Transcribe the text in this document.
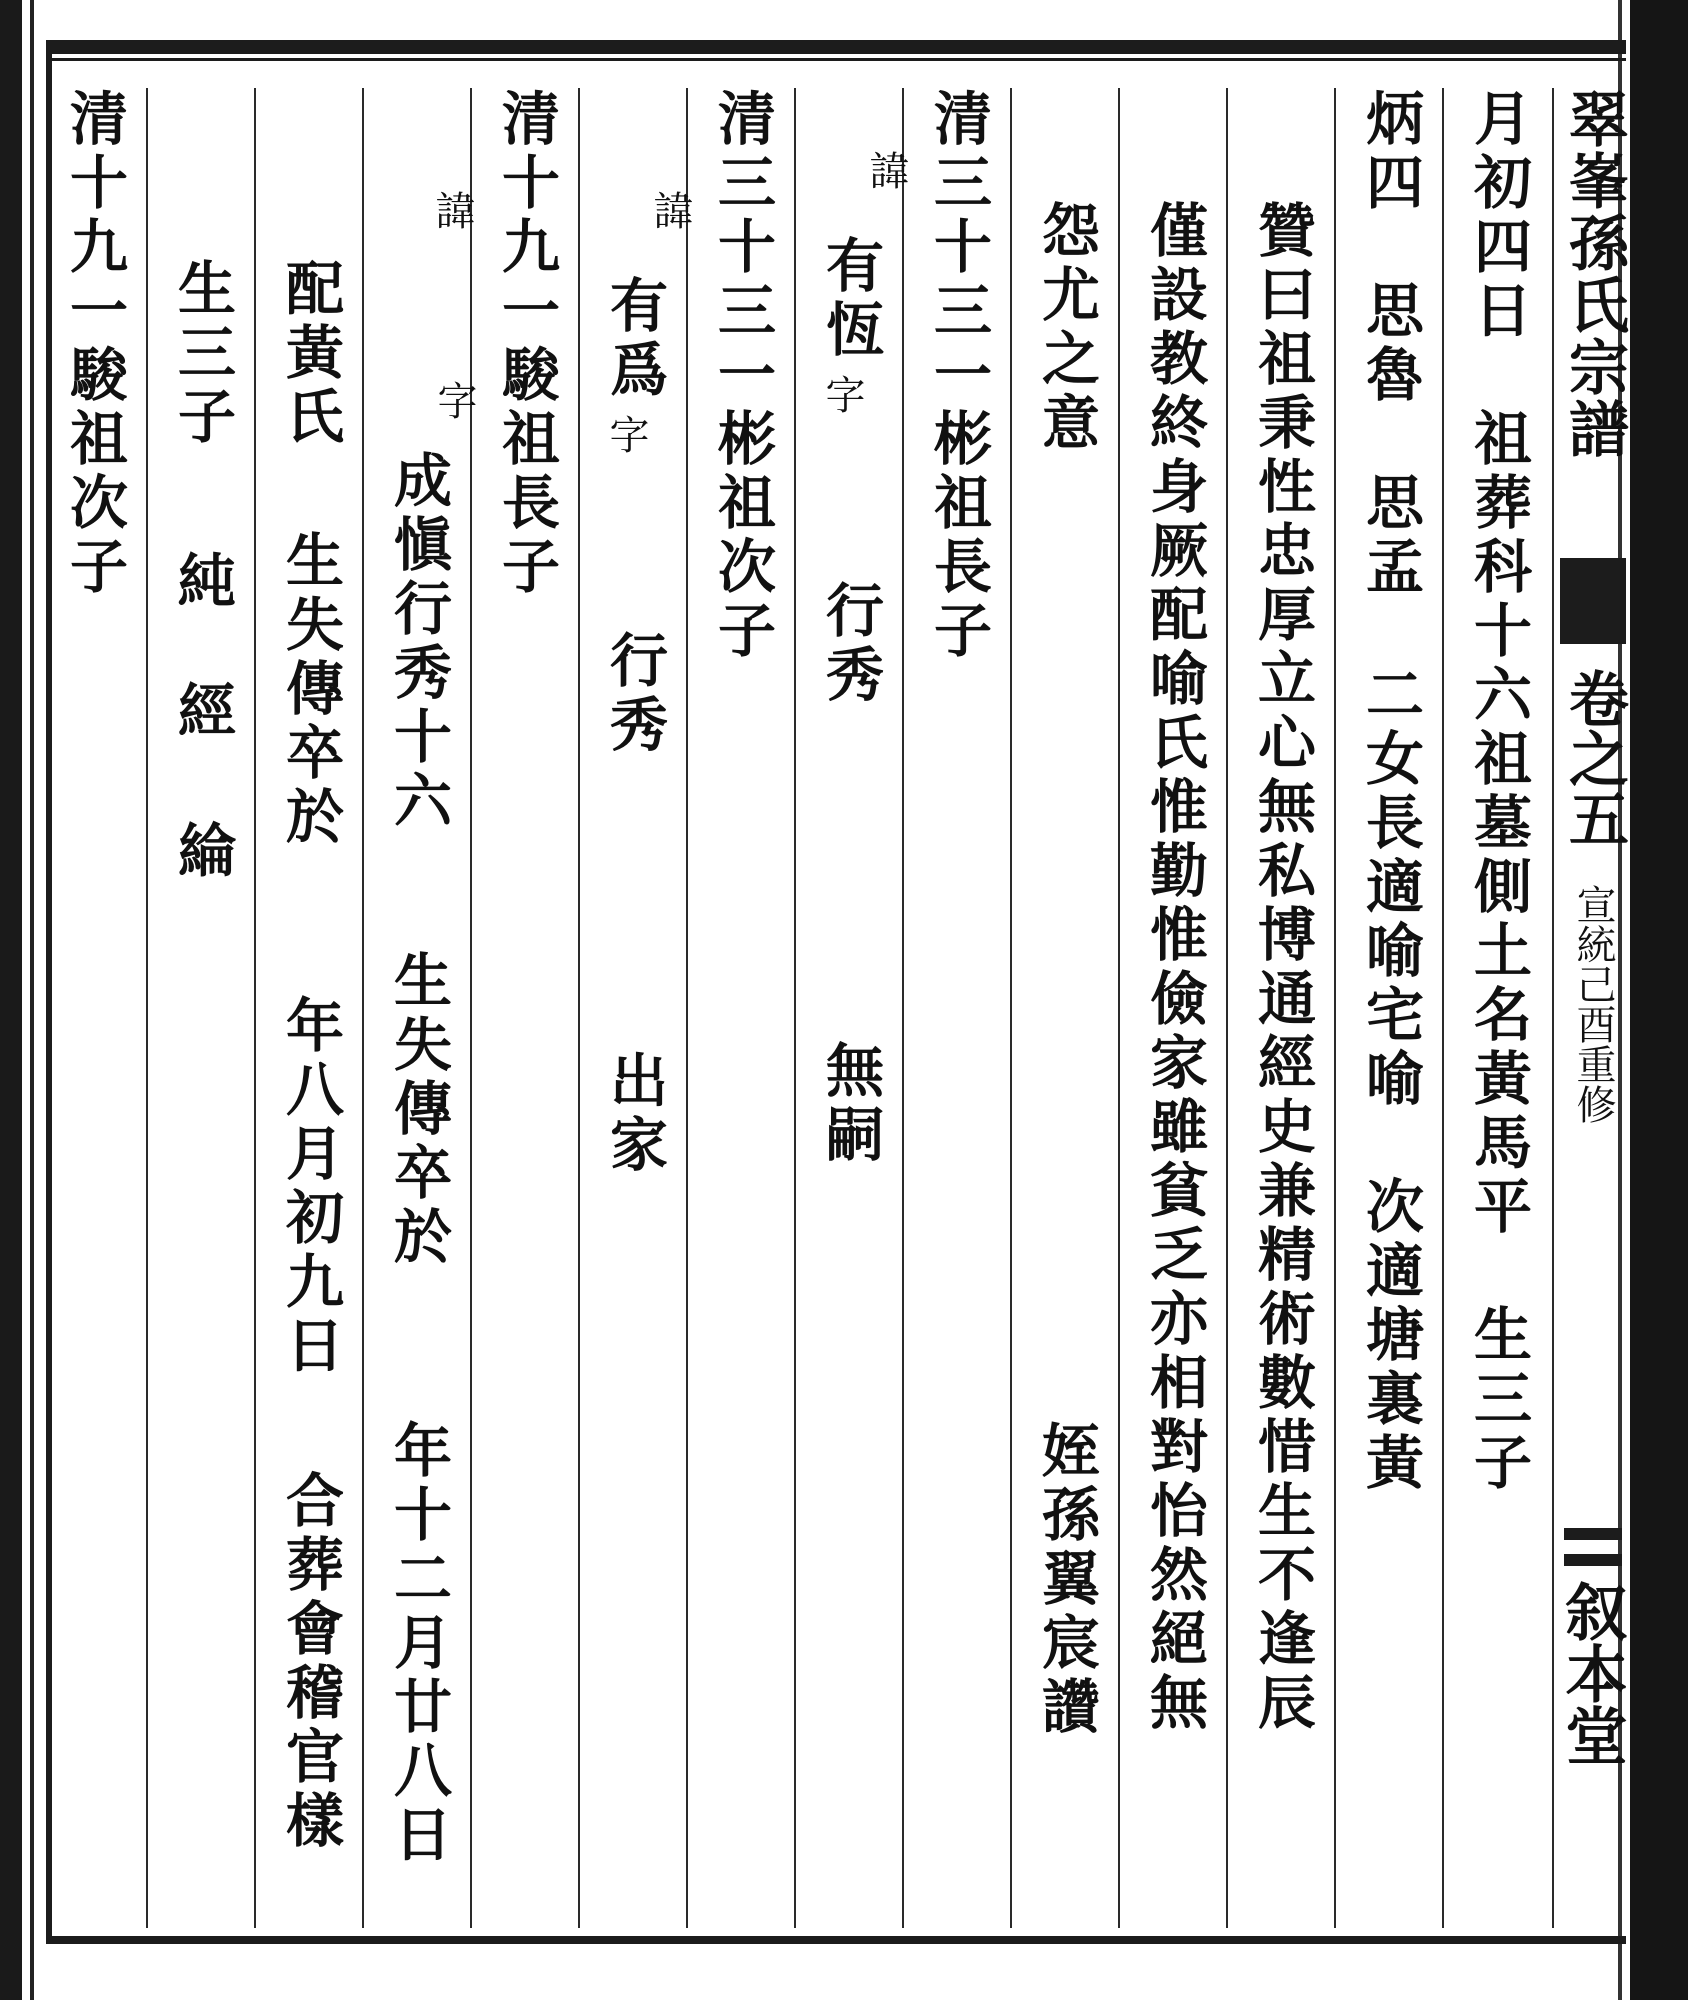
翠峯孫氏宗譜
卷之五
宣統己酉重修
叙本堂
月初四日　祖葬科十六祖墓側土名黃馬平　生三子
炳四　思魯　思孟　二女長適喻宅喻　次適塘裏黃
贊曰祖秉性忠厚立心無私博通經史兼精術數惜生不逢辰
僅設教終身厥配喻氏惟勤惟儉家雖貧乏亦相對怡然絕無
怨尤之意
姪孫翼宸讚
清三十三一彬祖長子
諱
有恆
字
行秀
無嗣
清三十三一彬祖次子
諱
有爲
字
行秀
出家
清十九一駿祖長子
諱
字
成愼行秀十六
生失傳卒於
年十二月廿八日
配黃氏
生失傳卒於
年八月初九日
合葬會稽官樣
生三子
純
經
綸
清十九一駿祖次子
